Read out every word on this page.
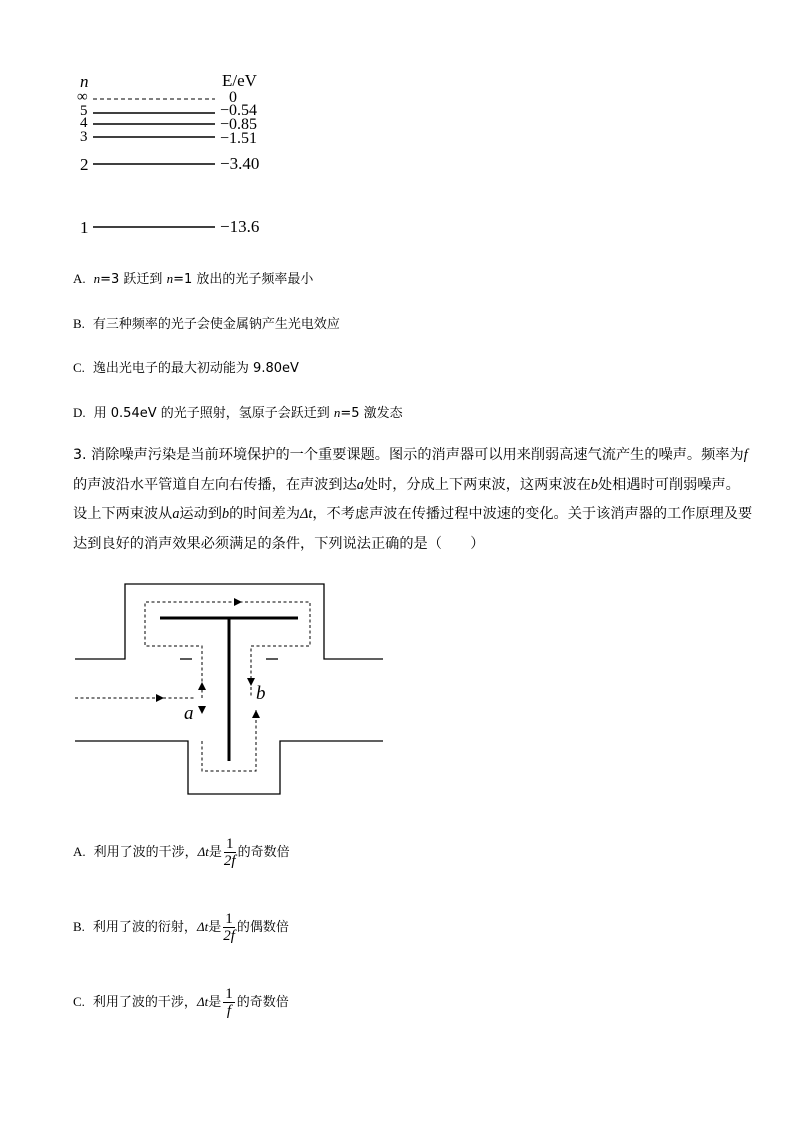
n	E/eV
∞
5
4
3
2
1
0
−0.54
−0.85
−1.51
−3.40
−13.6
A. n=3 跃迁到 n=1 放出的光子频率最小
B. 有三种频率的光子会使金属钠产生光电效应
C. 逸出光电子的最大初动能为 9.80eV
D. 用 0.54eV 的光子照射，氢原子会跃迁到 n=5 激发态
3. 消除噪声污染是当前环境保护的一个重要课题。图示的消声器可以用来削弱高速气流产生的噪声。频率为f的声波沿水平管道自左向右传播，在声波到达a处时，分成上下两束波，这两束波在b处相遇时可削弱噪声。设上下两束波从a运动到b的时间差为Δt，不考虑声波在传播过程中波速的变化。关于该消声器的工作原理及要达到良好的消声效果必须满足的条件，下列说法正确的是（　　）
a
b
A. 利用了波的干涉，Δt是 $\frac{1}{2f}$ 的奇数倍
B. 利用了波的衍射，Δt是 $\frac{1}{2f}$ 的偶数倍
C. 利用了波的干涉，Δt是 $\frac{1}{f}$ 的奇数倍
